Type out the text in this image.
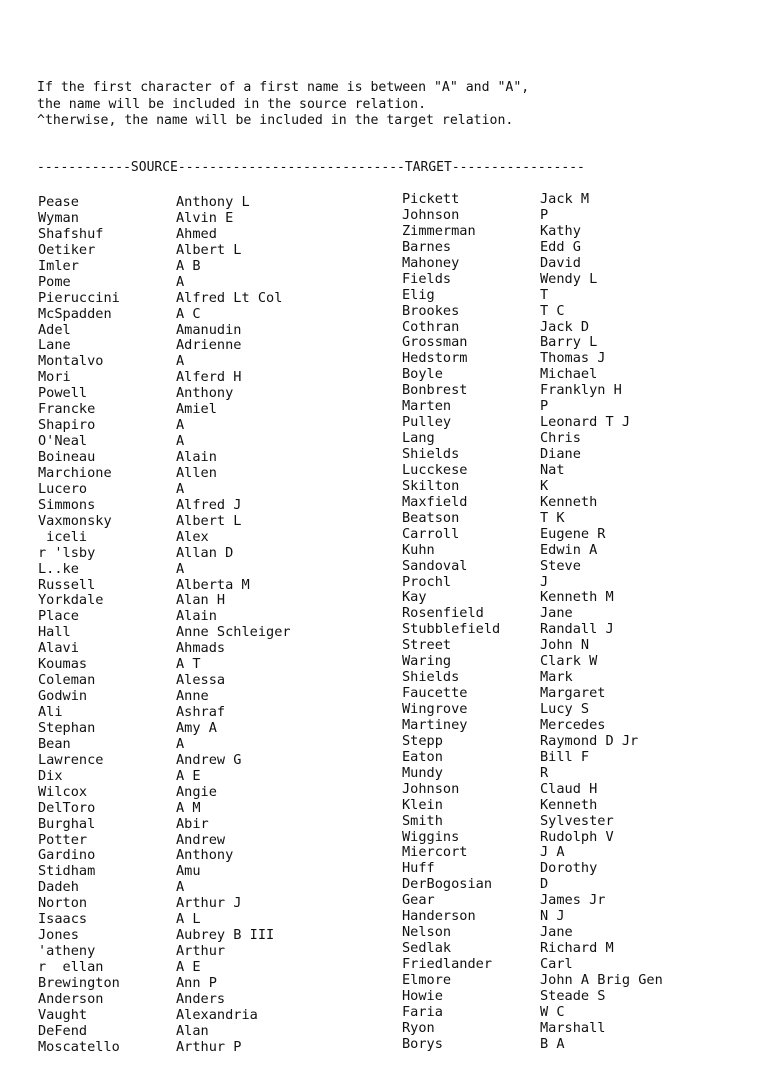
If the first character of a first name is between "A" and "A",
the name will be included in the source relation.
^therwise, the name will be included in the target relation.
------------SOURCE-----------------------------TARGET-----------------
Pease
Wyman
Shafshuf
Oetiker
Imler
Pome
Pieruccini
McSpadden
Adel
Lane
Montalvo
Mori
Powell
Francke
Shapiro
O'Neal
Boineau
Marchione
Lucero
Simmons
Vaxmonsky
iceli
r 'lsby
L..ke
Russell
Yorkdale
Place
Hall
Alavi
Koumas
Coleman
Godwin
Ali
Stephan
Bean
Lawrence
Dix
Wilcox
DelToro
Burghal
Potter
Gardino
Stidham
Dadeh
Norton
Isaacs
Jones
'atheny
r  ellan
Brewington
Anderson
Vaught
DeFend
Moscatello
Anthony L
Alvin E
Ahmed
Albert L
A B
A
Alfred Lt Col
A C
Amanudin
Adrienne
A
Alferd H
Anthony
Amiel
A
A
Alain
Allen
A
Alfred J
Albert L
Alex
Allan D
A
Alberta M
Alan H
Alain
Anne Schleiger
Ahmads
A T
Alessa
Anne
Ashraf
Amy A
A
Andrew G
A E
Angie
A M
Abir
Andrew
Anthony
Amu
A
Arthur J
A L
Aubrey B III
Arthur
A E
Ann P
Anders
Alexandria
Alan
Arthur P
Pickett
Johnson
Zimmerman
Barnes
Mahoney
Fields
Elig
Brookes
Cothran
Grossman
Hedstorm
Boyle
Bonbrest
Marten
Pulley
Lang
Shields
Lucckese
Skilton
Maxfield
Beatson
Carroll
Kuhn
Sandoval
Prochl
Kay
Rosenfield
Stubblefield
Street
Waring
Shields
Faucette
Wingrove
Martiney
Stepp
Eaton
Mundy
Johnson
Klein
Smith
Wiggins
Miercort
Huff
DerBogosian
Gear
Handerson
Nelson
Sedlak
Friedlander
Elmore
Howie
Faria
Ryon
Borys
Jack M
P
Kathy
Edd G
David
Wendy L
T
T C
Jack D
Barry L
Thomas J
Michael
Franklyn H
P
Leonard T J
Chris
Diane
Nat
K
Kenneth
T K
Eugene R
Edwin A
Steve
J
Kenneth M
Jane
Randall J
John N
Clark W
Mark
Margaret
Lucy S
Mercedes
Raymond D Jr
Bill F
R
Claud H
Kenneth
Sylvester
Rudolph V
J A
Dorothy
D
James Jr
N J
Jane
Richard M
Carl
John A Brig Gen
Steade S
W C
Marshall
B A
